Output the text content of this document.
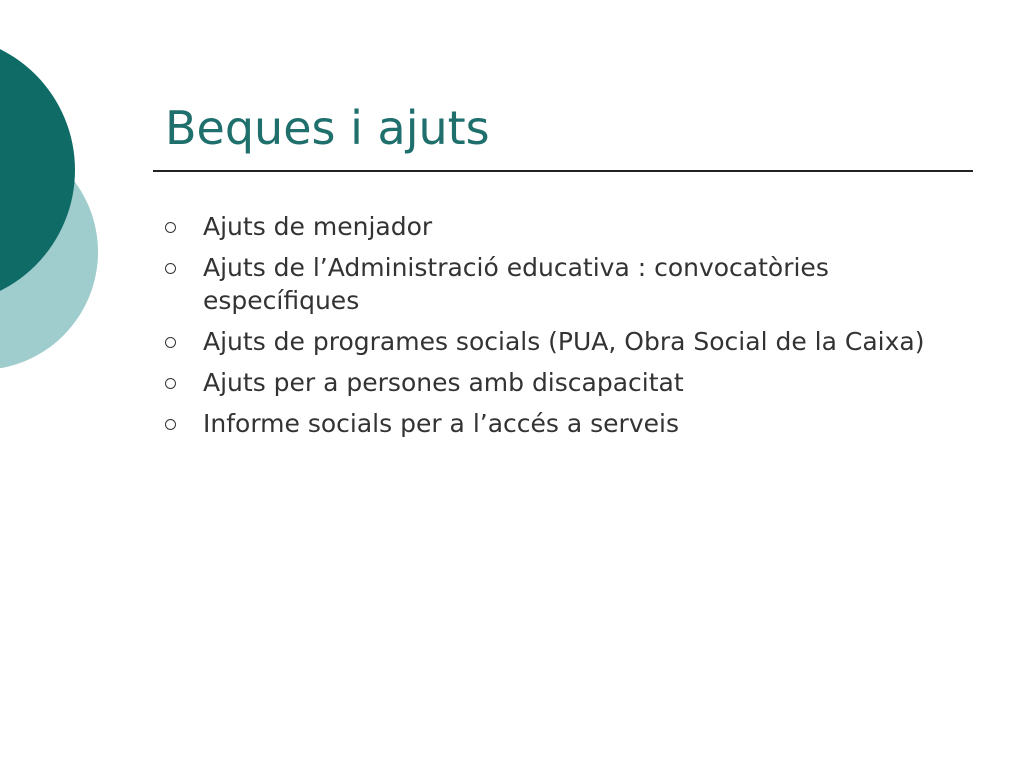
Beques i ajuts
Ajuts de menjador
Ajuts de l’Administració educativa : convocatòries específiques
Ajuts de programes socials (PUA, Obra Social de la Caixa)
Ajuts per a persones amb discapacitat
Informe socials per a l’accés a serveis
